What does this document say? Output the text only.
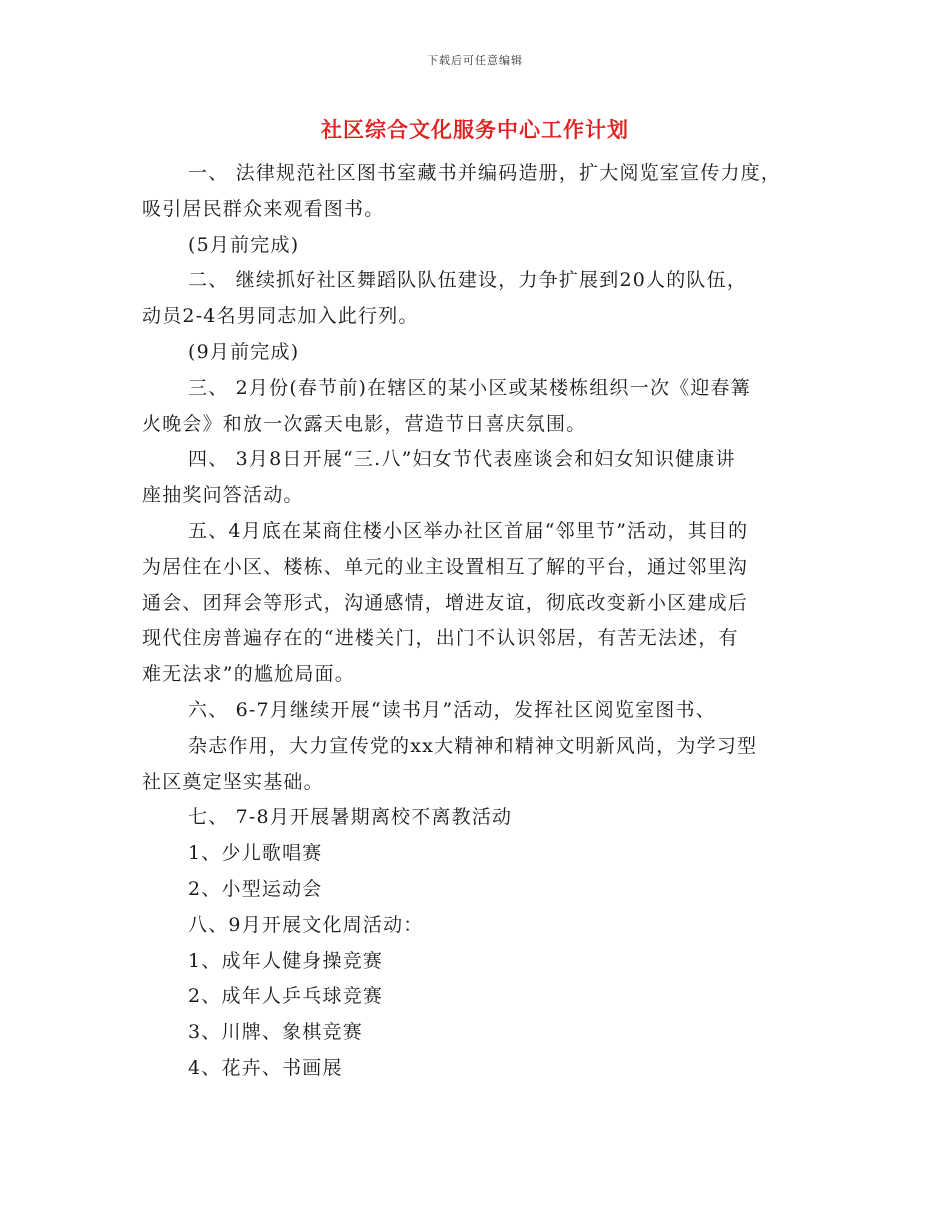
下载后可任意编辑
社区综合文化服务中心工作计划
一、 法律规范社区图书室藏书并编码造册，扩大阅览室宣传力度，
吸引居民群众来观看图书。
(5月前完成)
二、 继续抓好社区舞蹈队队伍建设，力争扩展到20人的队伍，
动员2-4名男同志加入此行列。
(9月前完成)
三、 2月份(春节前)在辖区的某小区或某楼栋组织一次《迎春篝
火晚会》和放一次露天电影，营造节日喜庆氛围。
四、 3月8日开展“三.八”妇女节代表座谈会和妇女知识健康讲
座抽奖问答活动。
五、4月底在某商住楼小区举办社区首届“邻里节”活动，其目的
为居住在小区、楼栋、单元的业主设置相互了解的平台，通过邻里沟
通会、团拜会等形式，沟通感情，增进友谊，彻底改变新小区建成后
现代住房普遍存在的“进楼关门，出门不认识邻居，有苦无法述，有
难无法求”的尴尬局面。
六、 6-7月继续开展“读书月”活动，发挥社区阅览室图书、
杂志作用，大力宣传党的xx大精神和精神文明新风尚，为学习型
社区奠定坚实基础。
七、 7-8月开展暑期离校不离教活动
1、少儿歌唱赛
2、小型运动会
八、9月开展文化周活动：
1、成年人健身操竞赛
2、成年人乒乓球竞赛
3、川牌、象棋竞赛
4、花卉、书画展
